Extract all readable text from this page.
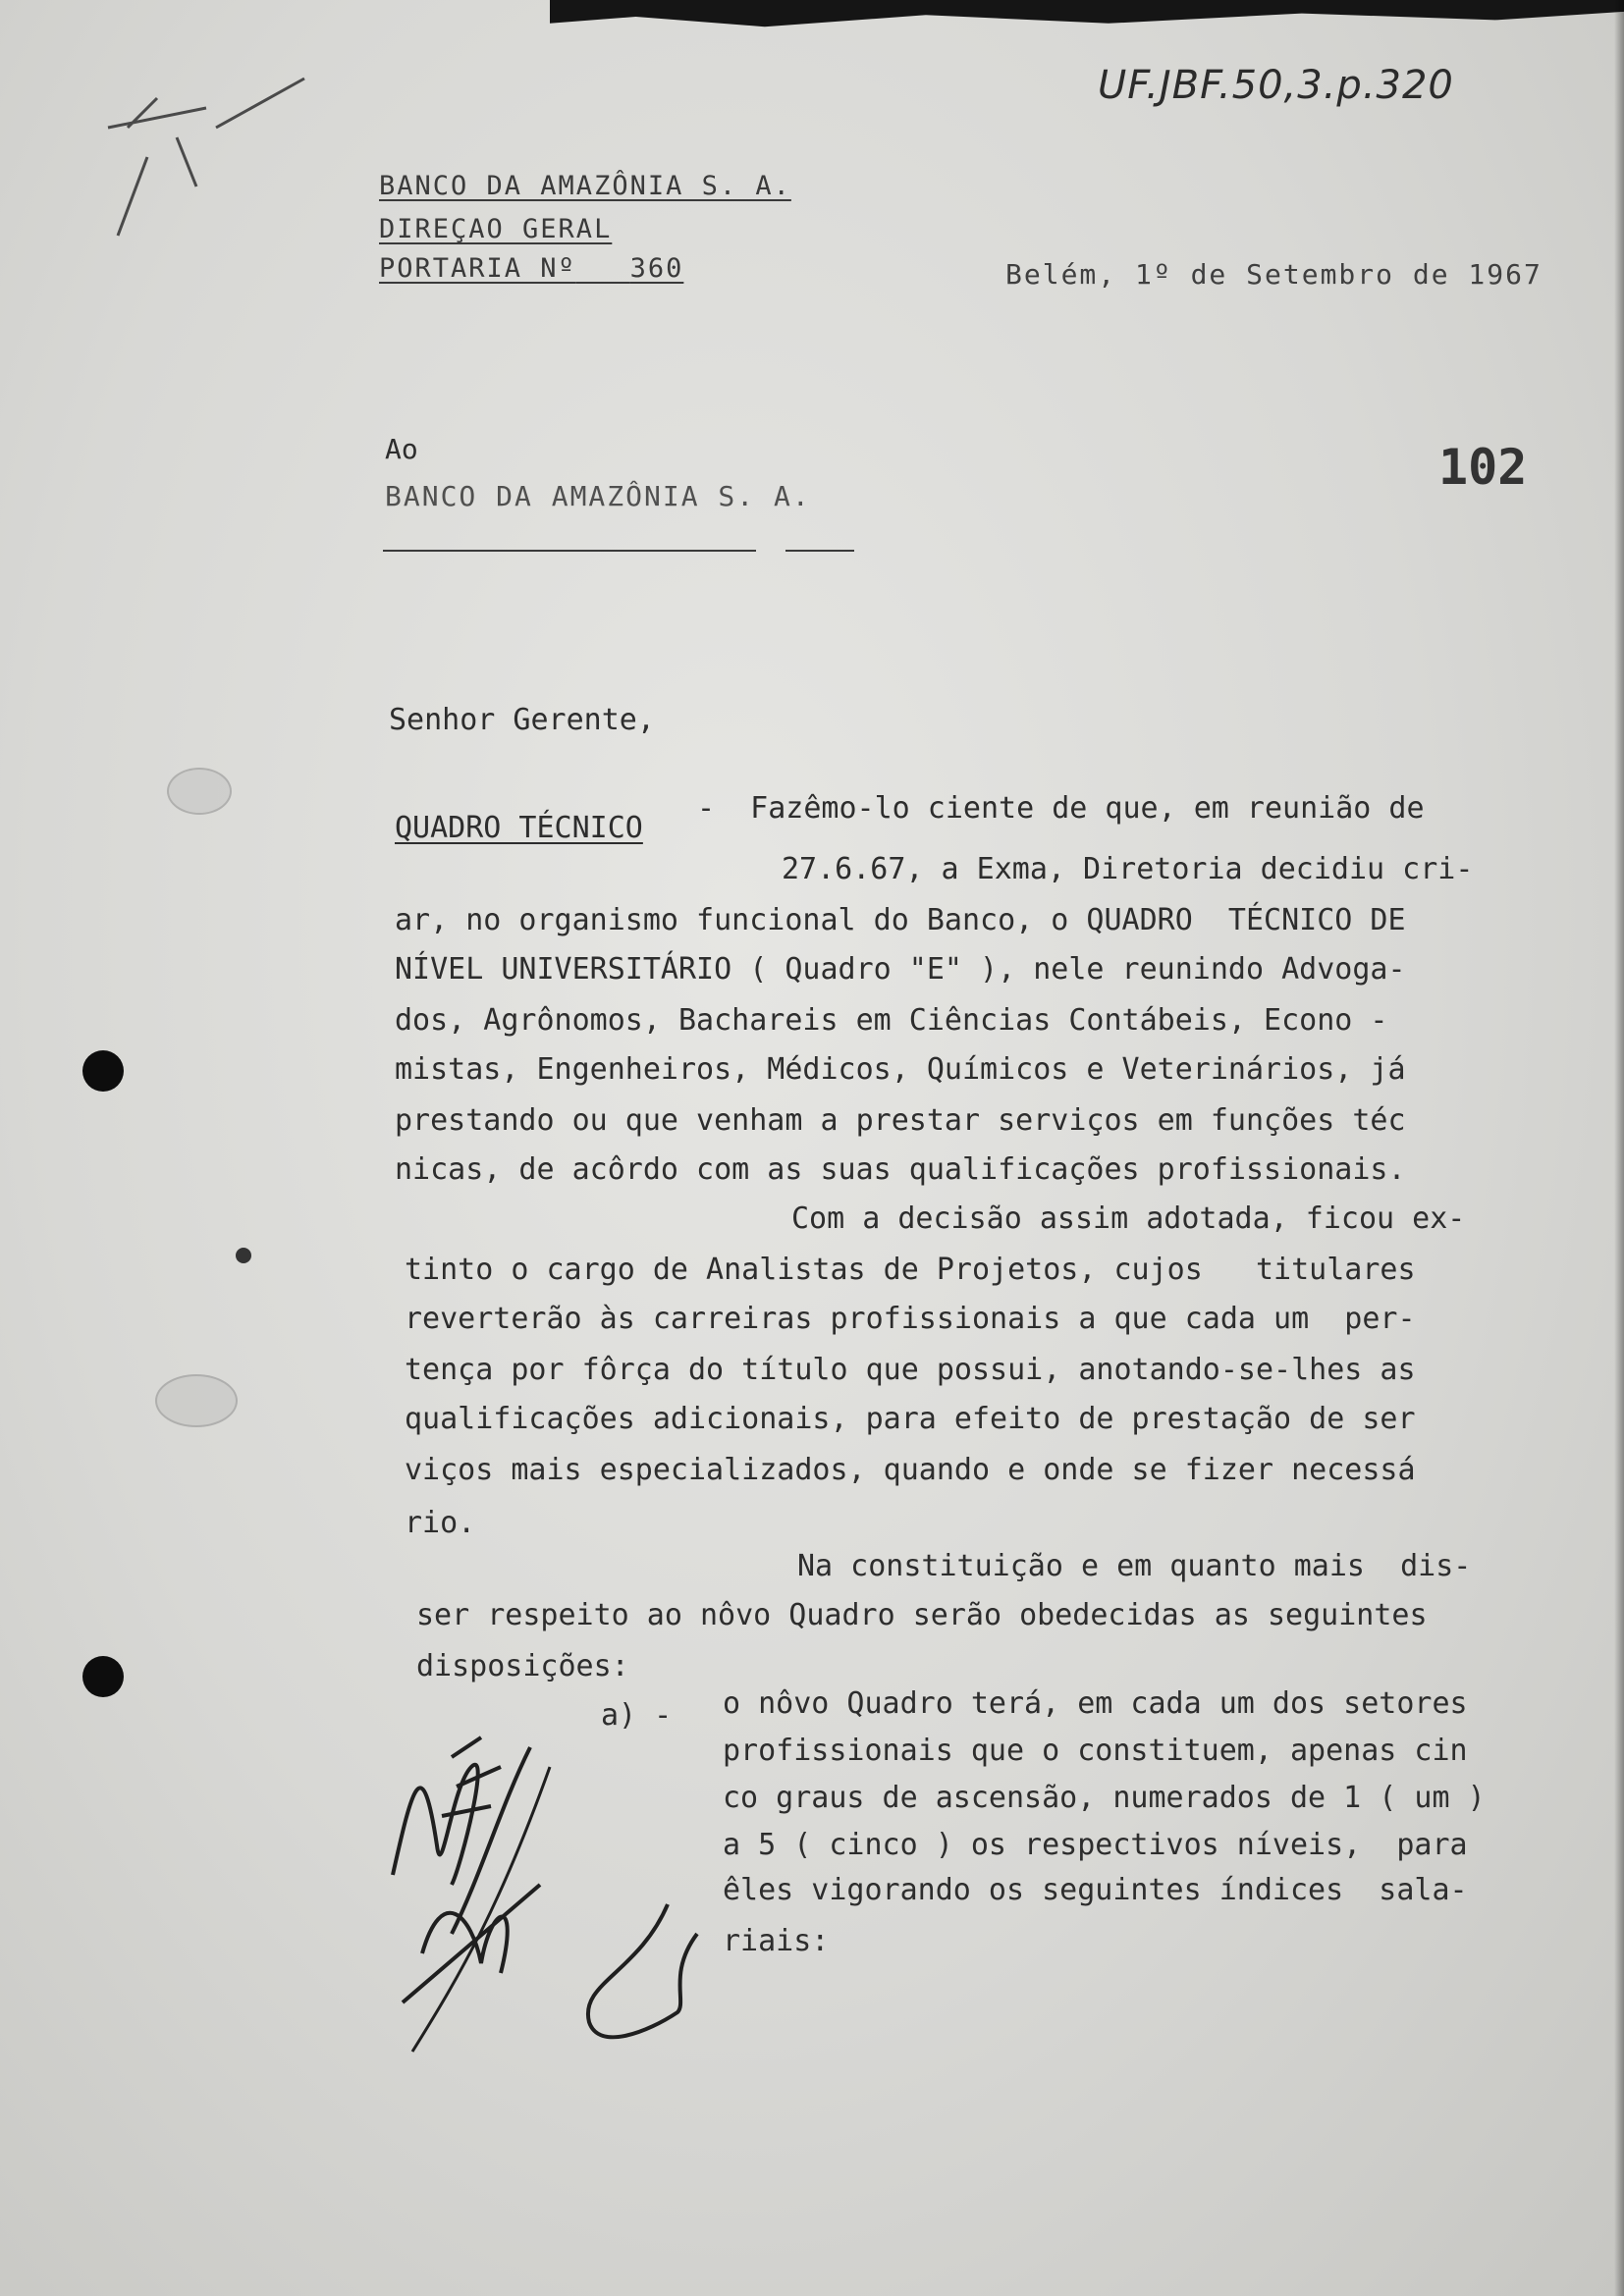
UF.JBF.50,3.p.320
BANCO DA AMAZÔNIA S. A.
DIREÇAO GERAL
PORTARIA Nº 360	Belém, 1º de Setembro de 1967
Ao
BANCO DA AMAZÔNIA S. A.
102
Senhor Gerente,
QUADRO TÉCNICO
-  Fazêmo-lo ciente de que, em reunião de
27.6.67, a Exma, Diretoria decidiu cri-
ar, no organismo funcional do Banco, o QUADRO  TÉCNICO DE
NÍVEL UNIVERSITÁRIO ( Quadro "E" ), nele reunindo Advoga-
dos, Agrônomos, Bachareis em Ciências Contábeis, Econo -
mistas, Engenheiros, Médicos, Químicos e Veterinários, já
prestando ou que venham a prestar serviços em funções téc
nicas, de acôrdo com as suas qualificações profissionais.
Com a decisão assim adotada, ficou ex-
tinto o cargo de Analistas de Projetos, cujos   titulares
reverterão às carreiras profissionais a que cada um  per-
tença por fôrça do título que possui, anotando-se-lhes as
qualificações adicionais, para efeito de prestação de ser
viços mais especializados, quando e onde se fizer necessá
rio.
Na constituição e em quanto mais  dis-
ser respeito ao nôvo Quadro serão obedecidas as seguintes
disposições:
a) - o nôvo Quadro terá, em cada um dos setores
profissionais que o constituem, apenas cin
co graus de ascensão, numerados de 1 ( um )
a 5 ( cinco ) os respectivos níveis,  para
êles vigorando os seguintes índices  sala-
riais:
